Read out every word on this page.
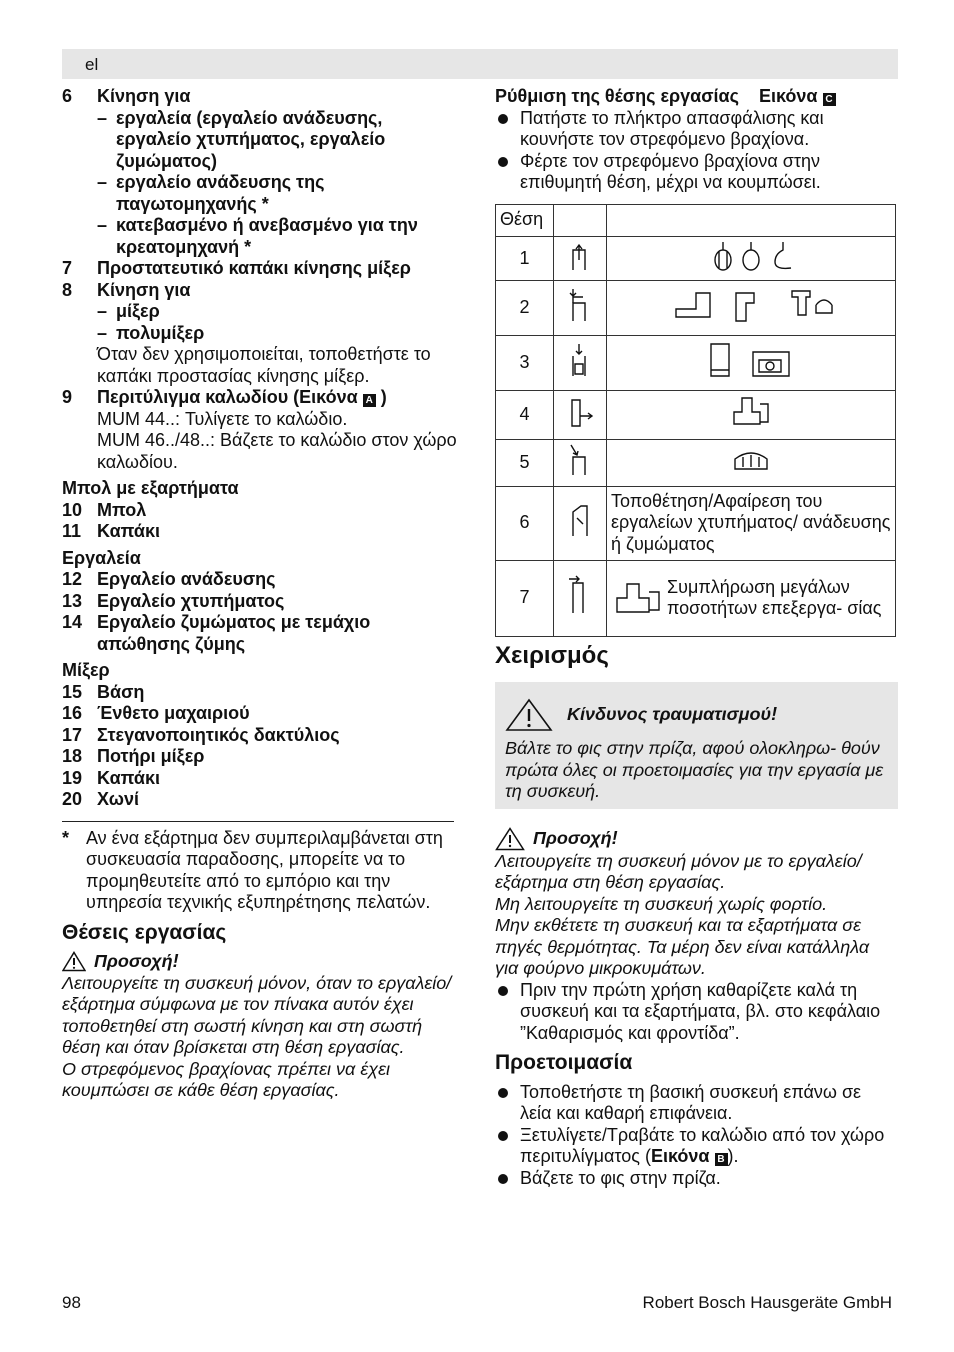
el
6	Κίνηση για
– εργαλεία (εργαλείο ανάδευσης, εργαλείο χτυπήματος, εργαλείο ζυμώματος)
– εργαλείο ανάδευσης της παγωτομηχανής *
– κατεβασμένο ή ανεβασμένο για την κρεατομηχανή *
7	Προστατευτικό καπάκι κίνησης μίξερ
8	Κίνηση για
– μίξερ
– πολυμίξερ
Όταν δεν χρησιμοποιείται, τοποθετήστε το καπάκι προστασίας κίνησης μίξερ.
9	Περιτύλιγμα καλωδίου (Εικόνα A )
MUM 44..: Τυλίγετε το καλώδιο.
MUM 46../48..: Βάζετε το καλώδιο στον χώρο καλωδίου.
Μπολ με εξαρτήματα
10 Μπολ
11 Καπάκι
Εργαλεία
12 Εργαλείο ανάδευσης
13 Εργαλείο χτυπήματος
14 Εργαλείο ζυμώματος με τεμάχιο απώθησης ζύμης
Μίξερ
15 Βάση
16 Ένθετο μαχαιριού
17 Στεγανοποιητικός δακτύλιος
18 Ποτήρι μίξερ
19 Καπάκι
20 Χωνί
* Αν ένα εξάρτημα δεν συμπεριλαμβάνεται στη συσκευασία παραδοσης, μπορείτε να το προμηθευτείτε από το εμπόριο και την υπηρεσία τεχνικής εξυπηρέτησης πελατών.
Θέσεις εργασίας
Προσοχή!
Λειτουργείτε τη συσκευή μόνον, όταν το εργαλείο/εξάρτημα σύμφωνα με τον πίνακα αυτόν έχει τοποθετηθεί στη σωστή κίνηση και στη σωστή θέση και όταν βρίσκεται στη θέση εργασίας.
Ο στρεφόμενος βραχίονας πρέπει να έχει κουμπώσει σε κάθε θέση εργασίας.
Ρύθμιση της θέσης εργασίας Εικόνα C
Πατήστε το πλήκτρο απασφάλισης και κουνήστε τον στρεφόμενο βραχίονα.
Φέρτε τον στρεφόμενο βραχίονα στην επιθυμητή θέση, μέχρι να κουμπώσει.
Θέση		
1		
2		
3		
4		
5		
6		Τοποθέτηση/Αφαίρεση του εργαλείων χτυπήματος/ ανάδευσης ή ζυμώματος
7		Συμπλήρωση μεγάλων ποσοτήτων επεξεργα- σίας
Χειρισμός
Κίνδυνος τραυματισμού!
Βάλτε το φις στην πρίζα, αφού ολοκληρω- θούν πρώτα όλες οι προετοιμασίες για την εργασία με τη συσκευή.
Προσοχή!
Λειτουργείτε τη συσκευή μόνον με το εργαλείο/εξάρτημα στη θέση εργασίας.
Μη λειτουργείτε τη συσκευή χωρίς φορτίο.
Μην εκθέτετε τη συσκευή και τα εξαρτήματα σε πηγές θερμότητας. Τα μέρη δεν είναι κατάλληλα για φούρνο μικροκυμάτων.
Πριν την πρώτη χρήση καθαρίζετε καλά τη συσκευή και τα εξαρτήματα, βλ. στο κεφάλαιο ”Καθαρισμός και φροντίδα”.
Προετοιμασία
Τοποθετήστε τη βασική συσκευή επάνω σε λεία και καθαρή επιφάνεια.
Ξετυλίγετε/Τραβάτε το καλώδιο από τον χώρο περιτυλίγματος (Εικόνα B ).
Βάζετε το φις στην πρίζα.
98	Robert Bosch Hausgeräte GmbH
